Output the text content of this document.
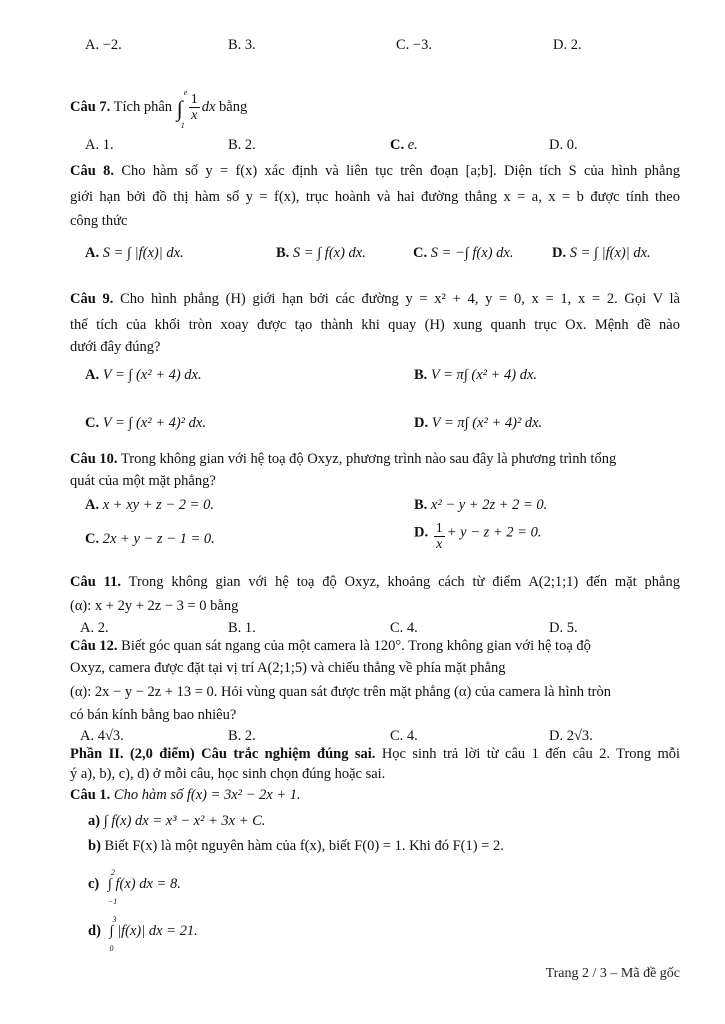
A. −2.	B. 3.	C. −3.	D. 2.
Câu 7. Tích phân ∫
e
1
$\frac{1}{x}$ dx bằng
A. 1.	B. 2.	C. e.	D. 0.
Câu 8. Cho hàm số y = f(x) xác định và liên tục trên đoạn [a;b]. Diện tích S của hình phẳng
giới hạn bởi đồ thị hàm số y = f(x), trục hoành và hai đường thẳng x = a, x = b được tính theo
công thức
A. S = ∫ |f(x)| dx.	B. S = ∫ f(x) dx.	C. S = −∫ f(x) dx.	D. S = ∫ |f(x)| dx.
Câu 9. Cho hình phẳng (H) giới hạn bởi các đường y = x² + 4, y = 0, x = 1, x = 2. Gọi V là
thể tích của khối tròn xoay được tạo thành khi quay (H) xung quanh trục Ox. Mệnh đề nào
dưới đây đúng?
A. V = ∫ (x² + 4) dx.	B. V = π∫ (x² + 4) dx.
C. V = ∫ (x² + 4)² dx.	D. V = π∫ (x² + 4)² dx.
Câu 10. Trong không gian với hệ toạ độ Oxyz, phương trình nào sau đây là phương trình tổng
quát của một mặt phẳng?
A. x + xy + z − 2 = 0.	B. x² − y + 2z + 2 = 0.
C. 2x + y − z − 1 = 0.	D. $\frac{1}{x} + y - z + 2 = 0$.
Câu 11. Trong không gian với hệ toạ độ Oxyz, khoảng cách từ điểm A(2;1;1) đến mặt phẳng
(α): x + 2y + 2z − 3 = 0 bằng
A. 2.	B. 1.	C. 4.	D. 5.
Câu 12. Biết góc quan sát ngang của một camera là 120°. Trong không gian với hệ toạ độ
Oxyz, camera được đặt tại vị trí A(2;1;5) và chiếu thẳng về phía mặt phẳng
(α): 2x − y − 2z + 13 = 0. Hỏi vùng quan sát được trên mặt phẳng (α) của camera là hình tròn
có bán kính bằng bao nhiêu?
A. 4√3.	B. 2.	C. 4.	D. 2√3.
Phần II. (2,0 điểm) Câu trắc nghiệm đúng sai. Học sinh trả lời từ câu 1 đến câu 2. Trong mỗi
ý a), b), c), d) ở mỗi câu, học sinh chọn đúng hoặc sai.
Câu 1. Cho hàm số f(x) = 3x² − 2x + 1.
a) ∫ f(x) dx = x³ − x² + 3x + C.
b) Biết F(x) là một nguyên hàm của f(x), biết F(0) = 1. Khi đó F(1) = 2.
c)
2
−1
∫ f(x) dx = 8.
d)
3
0
∫ |f(x)| dx = 21.
Trang 2 / 3 – Mã đề gốc
